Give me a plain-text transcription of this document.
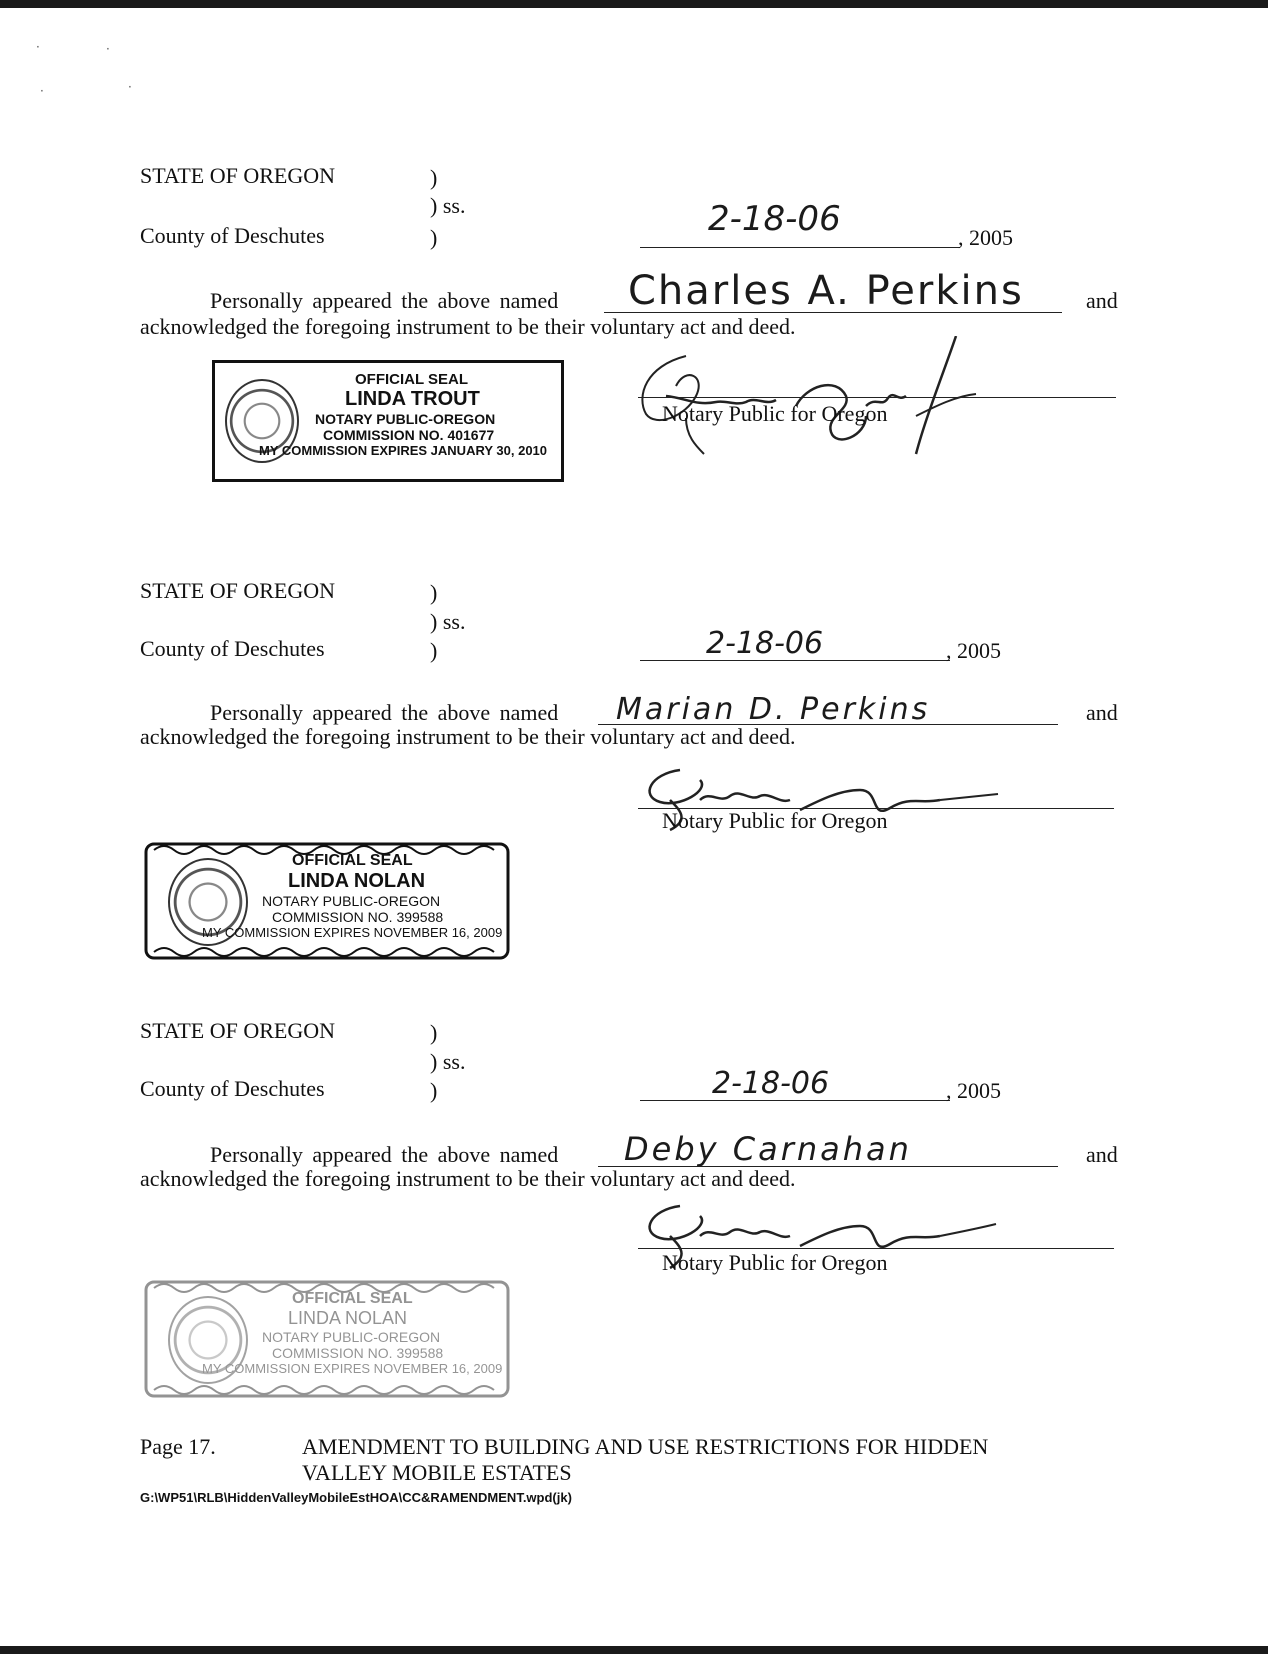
·	·
·	·
STATE OF OREGON	)
) ss.
County of Deschutes	)	2-18-06	, 2005
Personally appeared the above named Charles A. Perkins	and
acknowledged the foregoing instrument to be their voluntary act and deed.
Notary Public for Oregon
OFFICIAL SEAL
LINDA TROUT
NOTARY PUBLIC-OREGON
COMMISSION NO. 401677
MY COMMISSION EXPIRES JANUARY 30, 2010
STATE OF OREGON	)
) ss.
County of Deschutes	)	2-18-06	, 2005
Personally appeared the above named Marian D. Perkins	and
acknowledged the foregoing instrument to be their voluntary act and deed.
Notary Public for Oregon
OFFICIAL SEAL
LINDA NOLAN
NOTARY PUBLIC-OREGON
COMMISSION NO. 399588
MY COMMISSION EXPIRES NOVEMBER 16, 2009
STATE OF OREGON	)
) ss.
County of Deschutes	)	2-18-06	, 2005
Personally appeared the above named Deby Carnahan	and
acknowledged the foregoing instrument to be their voluntary act and deed.
Notary Public for Oregon
OFFICIAL SEAL
LINDA NOLAN
NOTARY PUBLIC-OREGON
COMMISSION NO. 399588
MY COMMISSION EXPIRES NOVEMBER 16, 2009
Page 17.	AMENDMENT TO BUILDING AND USE RESTRICTIONS FOR HIDDEN
VALLEY MOBILE ESTATES
G:\WP51\RLB\HiddenValleyMobileEstHOA\CC&RAMENDMENT.wpd(jk)
